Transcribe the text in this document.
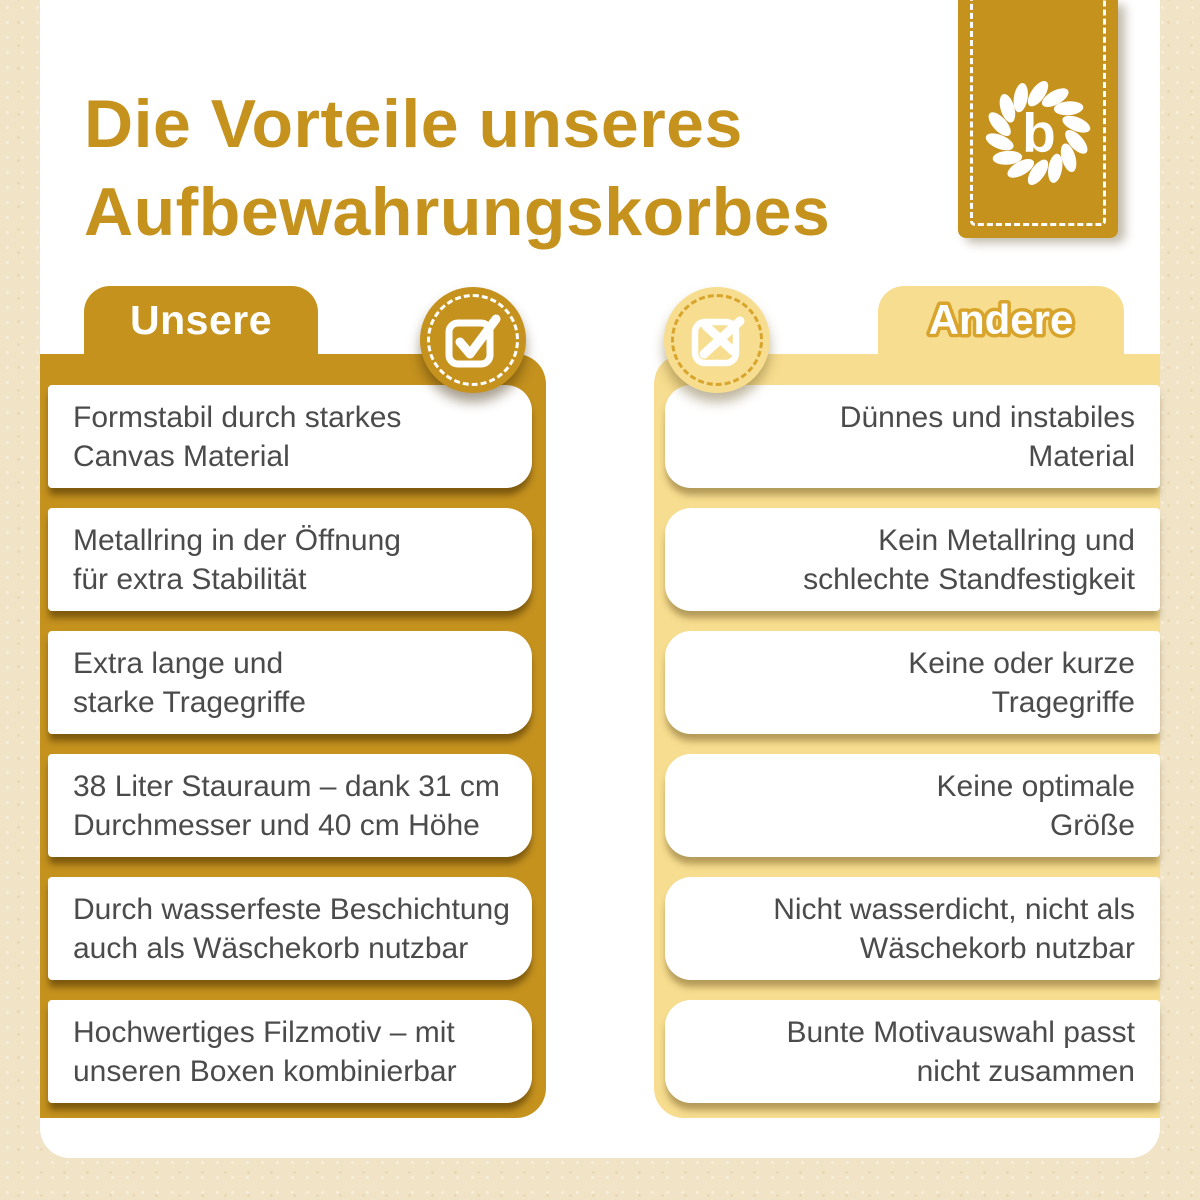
Die Vorteile unseres
Aufbewahrungskorbes
b
Unsere	Andere
Formstabil durch starkes
Canvas Material
Metallring in der Öffnung
für extra Stabilität
Extra lange und
starke Tragegriffe
38 Liter Stauraum – dank 31 cm
Durchmesser und 40 cm Höhe
Durch wasserfeste Beschichtung
auch als Wäschekorb nutzbar
Hochwertiges Filzmotiv – mit
unseren Boxen kombinierbar
Dünnes und instabiles
Material
Kein Metallring und
schlechte Standfestigkeit
Keine oder kurze
Tragegriffe
Keine optimale
Größe
Nicht wasserdicht, nicht als
Wäschekorb nutzbar
Bunte Motivauswahl passt
nicht zusammen
